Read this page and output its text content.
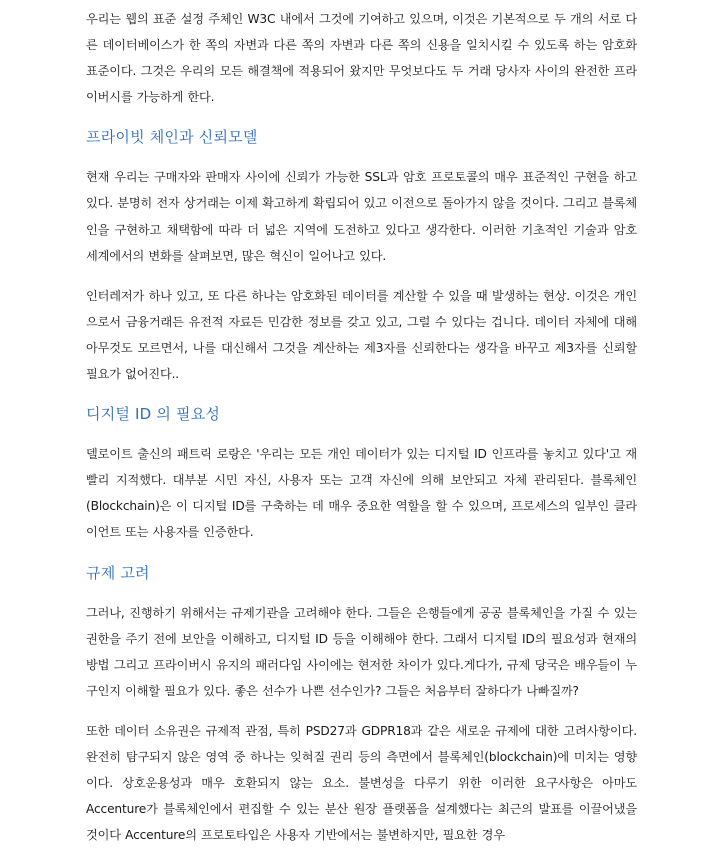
우리는 웹의 표준 설정 주체인 W3C 내에서 그것에 기여하고 있으며, 이것은 기본적으로 두 개의 서로 다른 데이터베이스가 한 쪽의 자변과 다른 쪽의 자변과 다른 쪽의 신용을 일치시킬 수 있도록 하는 암호화 표준이다. 그것은 우리의 모든 해결책에 적용되어 왔지만 무엇보다도 두 거래 당사자 사이의 완전한 프라이버시를 가능하게 한다.

프라이빗 체인과 신뢰모델

현재 우리는 구매자와 판매자 사이에 신뢰가 가능한 SSL과 암호 프로토콜의 매우 표준적인 구현을 하고 있다. 분명히 전자 상거래는 이제 확고하게 확립되어 있고 이전으로 돌아가지 않을 것이다. 그리고 블록체인을 구현하고 채택함에 따라 더 넓은 지역에 도전하고 있다고 생각한다. 이러한 기초적인 기술과 암호 세계에서의 변화를 살펴보면, 많은 혁신이 일어나고 있다.

인터레저가 하나 있고, 또 다른 하나는 암호화된 데이터를 계산할 수 있을 때 발생하는 현상. 이것은 개인으로서 금융거래든 유전적 자료든 민감한 정보를 갖고 있고, 그럴 수 있다는 겁니다. 데이터 자체에 대해 아무것도 모르면서, 나를 대신해서 그것을 계산하는 제3자를 신뢰한다는 생각을 바꾸고 제3자를 신뢰할 필요가 없어진다..

디지털 ID 의 필요성

델로이트 출신의 패트릭 로랑은 '우리는 모든 개인 데이터가 있는 디지털 ID 인프라를 놓치고 있다'고 재빨리 지적했다. 대부분 시민 자신, 사용자 또는 고객 자신에 의해 보안되고 자체 관리된다. 블록체인(Blockchain)은 이 디지털 ID를 구축하는 데 매우 중요한 역할을 할 수 있으며, 프로세스의 일부인 클라이언트 또는 사용자를 인증한다.

규제 고려

그러나, 진행하기 위해서는 규제기관을 고려해야 한다. 그들은 은행들에게 공공 블록체인을 가질 수 있는 권한을 주기 전에 보안을 이해하고, 디지털 ID 등을 이해해야 한다. 그래서 디지털 ID의 필요성과 현재의 방법 그리고 프라이버시 유지의 패러다임 사이에는 현저한 차이가 있다.게다가, 규제 당국은 배우들이 누구인지 이해할 필요가 있다. 좋은 선수가 나쁜 선수인가? 그들은 처음부터 잘하다가 나빠질까?

또한 데이터 소유권은 규제적 관점, 특히 PSD27과 GDPR18과 같은 새로운 규제에 대한 고려사항이다. 완전히 탐구되지 않은 영역 중 하나는 잊혀질 권리 등의 측면에서 블록체인(blockchain)에 미치는 영향이다. 상호운용성과 매우 호환되지 않는 요소. 불변성을 다루기 위한 이러한 요구사항은 아마도 Accenture가 블록체인에서 편집할 수 있는 분산 원장 플랫폼을 설계했다는 최근의 발표를 이끌어냈을 것이다 Accenture의 프로토타입은 사용자 기반에서는 불변하지만, 필요한 경우
